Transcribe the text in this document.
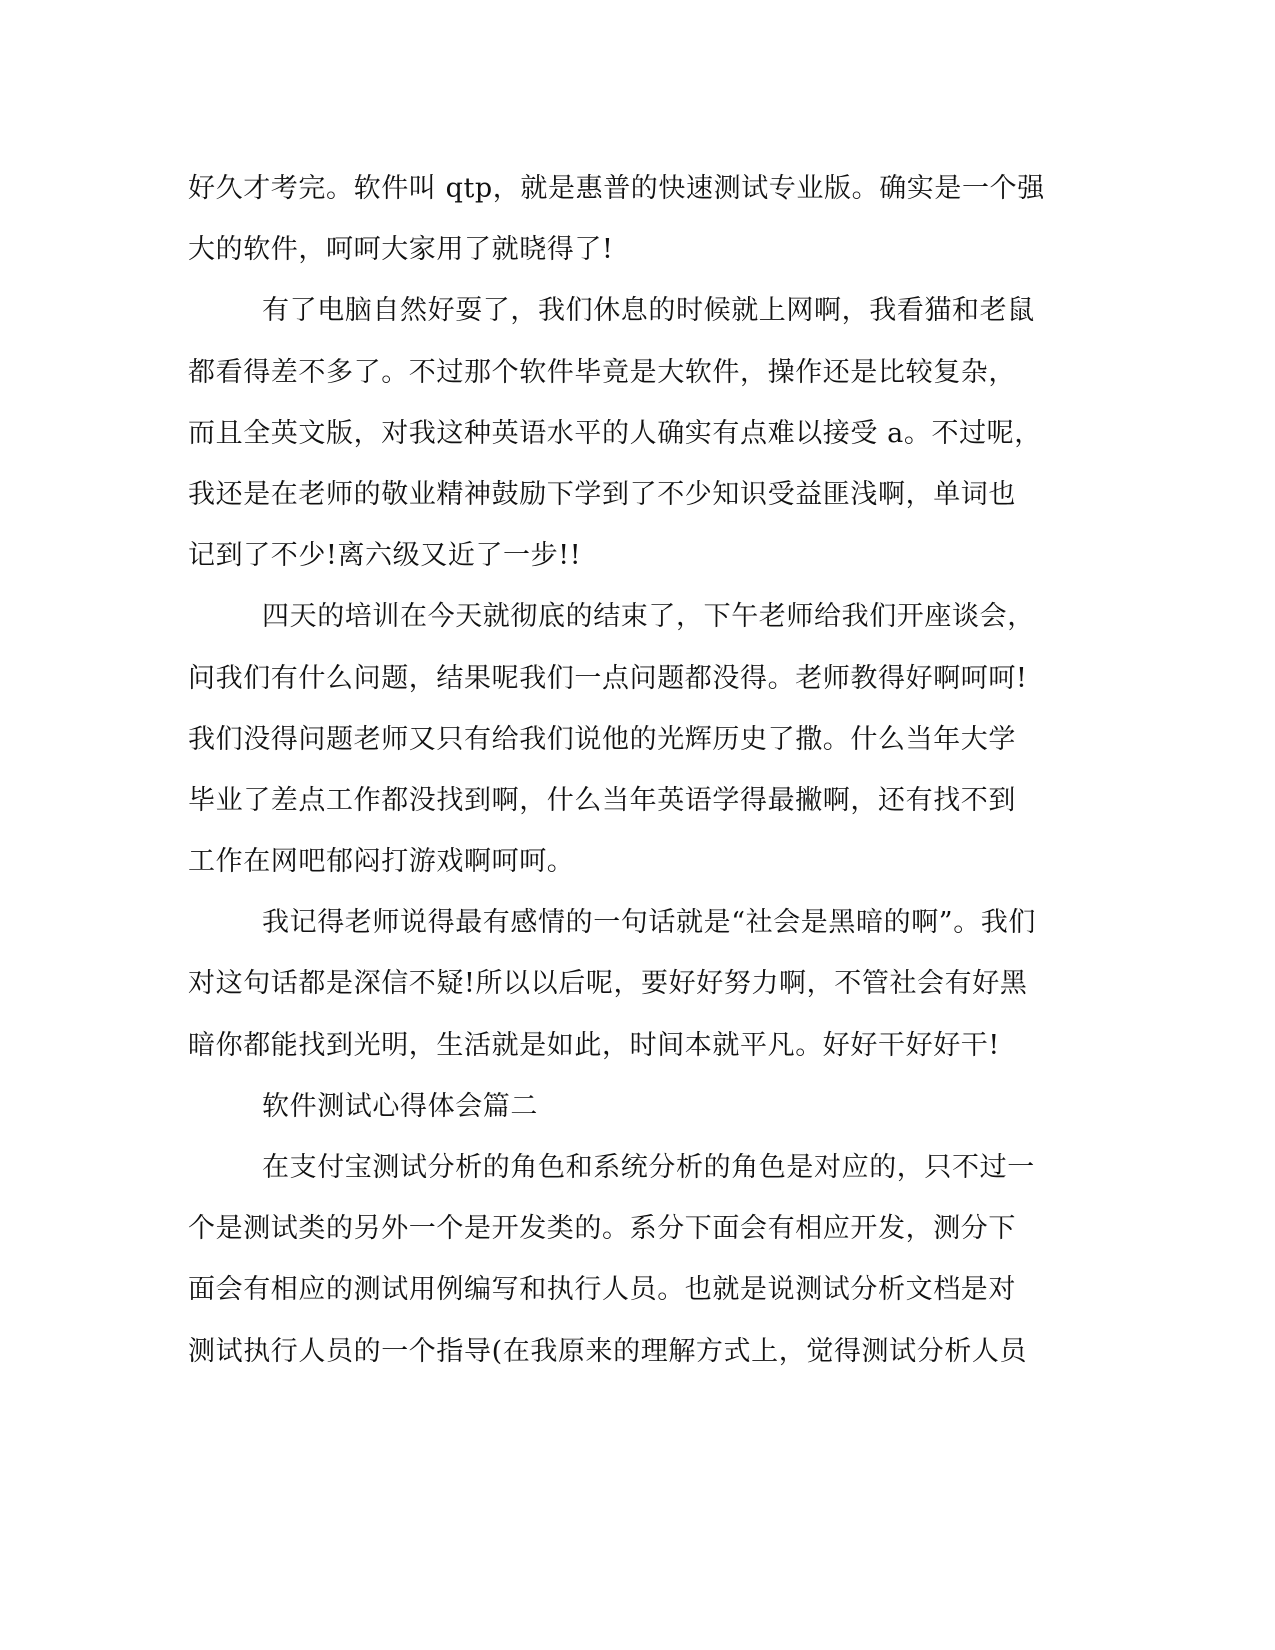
好久才考完。软件叫 qtp，就是惠普的快速测试专业版。确实是一个强
大的软件，呵呵大家用了就晓得了!
有了电脑自然好耍了，我们休息的时候就上网啊，我看猫和老鼠
都看得差不多了。不过那个软件毕竟是大软件，操作还是比较复杂，
而且全英文版，对我这种英语水平的人确实有点难以接受 a。不过呢，
我还是在老师的敬业精神鼓励下学到了不少知识受益匪浅啊，单词也
记到了不少!离六级又近了一步!!
四天的培训在今天就彻底的结束了，下午老师给我们开座谈会，
问我们有什么问题，结果呢我们一点问题都没得。老师教得好啊呵呵!
我们没得问题老师又只有给我们说他的光辉历史了撒。什么当年大学
毕业了差点工作都没找到啊，什么当年英语学得最撇啊，还有找不到
工作在网吧郁闷打游戏啊呵呵。
我记得老师说得最有感情的一句话就是“社会是黑暗的啊”。我们
对这句话都是深信不疑!所以以后呢，要好好努力啊，不管社会有好黑
暗你都能找到光明，生活就是如此，时间本就平凡。好好干好好干!
软件测试心得体会篇二
在支付宝测试分析的角色和系统分析的角色是对应的，只不过一
个是测试类的另外一个是开发类的。系分下面会有相应开发，测分下
面会有相应的测试用例编写和执行人员。也就是说测试分析文档是对
测试执行人员的一个指导(在我原来的理解方式上，觉得测试分析人员
